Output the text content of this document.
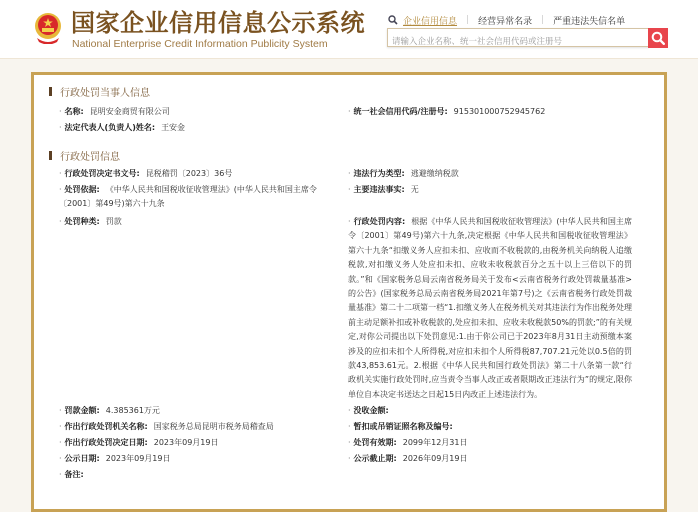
国家企业信用信息公示系统
National Enterprise Credit Information Publicity System
企业信用信息 | 经营异常名录 | 严重违法失信名单
请输入企业名称、统一社会信用代码或注册号
行政处罚当事人信息
· 名称: 昆明安金商贸有限公司	· 统一社会信用代码/注册号: 915301000752945762
· 法定代表人(负责人)姓名: 王安金
行政处罚信息
· 行政处罚决定书文号: 昆税稽罚〔2023〕36号	· 违法行为类型: 逃避缴纳税款
· 处罚依据: 《中华人民共和国税收征收管理法》(中华人民共和国主席令〔2001〕第49号)第六十九条
· 主要违法事实: 无
· 处罚种类: 罚款	· 行政处罚内容: 根据《中华人民共和国税收征收管理法》(中华人民共和国主席令〔2001〕第49号)第六十九条,决定根据《中华人民共和国税收征收管理法》第六十九条“扣缴义务人应扣未扣、应收而不收税款的,由税务机关向纳税人追缴税款,对扣缴义务人处应扣未扣、应收未收税款百分之五十以上三倍以下的罚款。”和《国家税务总局云南省税务局关于发布<云南省税务行政处罚裁量基准>的公告》(国家税务总局云南省税务局2021年第7号)之《云南省税务行政处罚裁量基准》第二十二项第一档“1.扣缴义务人在税务机关对其违法行为作出税务处理前主动足额补扣或补收税款的,处应扣未扣、应收未收税款50%的罚款;”的有关规定,对你公司提出以下处罚意见:1.由于你公司已于2023年8月31日主动预缴本案涉及的应扣未扣个人所得税,对应扣未扣个人所得税87,707.21元处以0.5倍的罚款43,853.61元。2.根据《中华人民共和国行政处罚法》第二十八条第一款“行政机关实施行政处罚时,应当责令当事人改正或者限期改正违法行为”的规定,限你单位自本决定书送达之日起15日内改正上述违法行为。
· 罚款金额: 4.385361万元	· 没收金额:
· 作出行政处罚机关名称: 国家税务总局昆明市税务局稽查局	· 暂扣或吊销证照名称及编号:
· 作出行政处罚决定日期: 2023年09月19日	· 处罚有效期: 2099年12月31日
· 公示日期: 2023年09月19日	· 公示截止期: 2026年09月19日
· 备注:
